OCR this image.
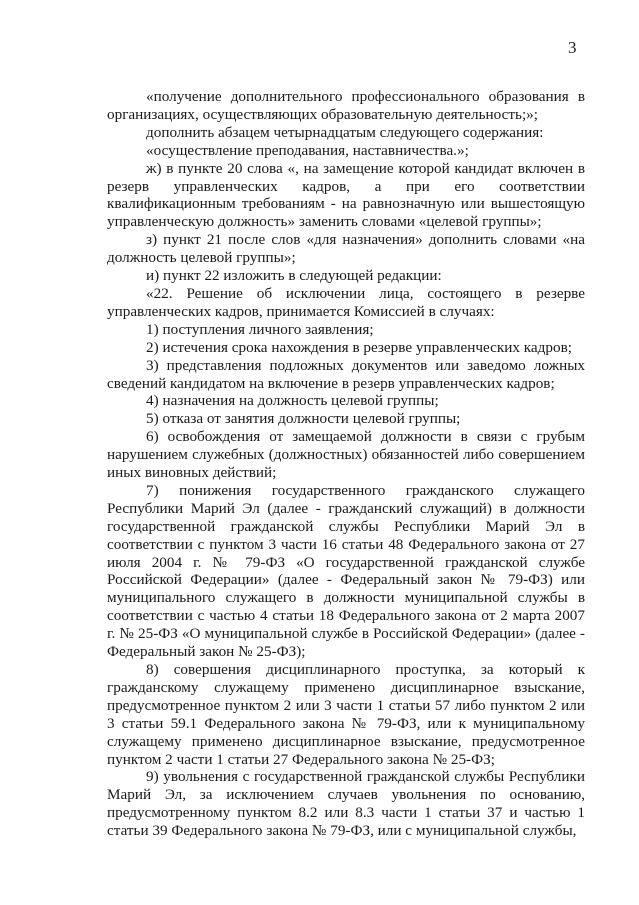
3

«получение дополнительного профессионального образования в организациях, осуществляющих образовательную деятельность;»;

дополнить абзацем четырнадцатым следующего содержания:

«осуществление преподавания, наставничества.»;

ж) в пункте 20 слова «, на замещение которой кандидат включен в резерв управленческих кадров, а при его соответствии квалификационным требованиям - на равнозначную или вышестоящую управленческую должность» заменить словами «целевой группы»;

з) пункт 21 после слов «для назначения» дополнить словами «на должность целевой группы»;

и) пункт 22 изложить в следующей редакции:

«22. Решение об исключении лица, состоящего в резерве управленческих кадров, принимается Комиссией в случаях:

1) поступления личного заявления;

2) истечения срока нахождения в резерве управленческих кадров;

3) представления подложных документов или заведомо ложных сведений кандидатом на включение в резерв управленческих кадров;

4) назначения на должность целевой группы;

5) отказа от занятия должности целевой группы;

6) освобождения от замещаемой должности в связи с грубым нарушением служебных (должностных) обязанностей либо совершением иных виновных действий;

7) понижения государственного гражданского служащего Республики Марий Эл (далее - гражданский служащий) в должности государственной гражданской службы Республики Марий Эл в соответствии с пунктом 3 части 16 статьи 48 Федерального закона от 27 июля 2004 г. № 79-ФЗ «О государственной гражданской службе Российской Федерации» (далее - Федеральный закон № 79-ФЗ) или муниципального служащего в должности муниципальной службы в соответствии с частью 4 статьи 18 Федерального закона от 2 марта 2007 г. № 25-ФЗ «О муниципальной службе в Российской Федерации» (далее - Федеральный закон № 25-ФЗ);

8) совершения дисциплинарного проступка, за который к гражданскому служащему применено дисциплинарное взыскание, предусмотренное пунктом 2 или 3 части 1 статьи 57 либо пунктом 2 или 3 статьи 59.1 Федерального закона № 79-ФЗ, или к муниципальному служащему применено дисциплинарное взыскание, предусмотренное пунктом 2 части 1 статьи 27 Федерального закона № 25-ФЗ;

9) увольнения с государственной гражданской службы Республики Марий Эл, за исключением случаев увольнения по основанию, предусмотренному пунктом 8.2 или 8.3 части 1 статьи 37 и частью 1 статьи 39 Федерального закона № 79-ФЗ, или с муниципальной службы,
